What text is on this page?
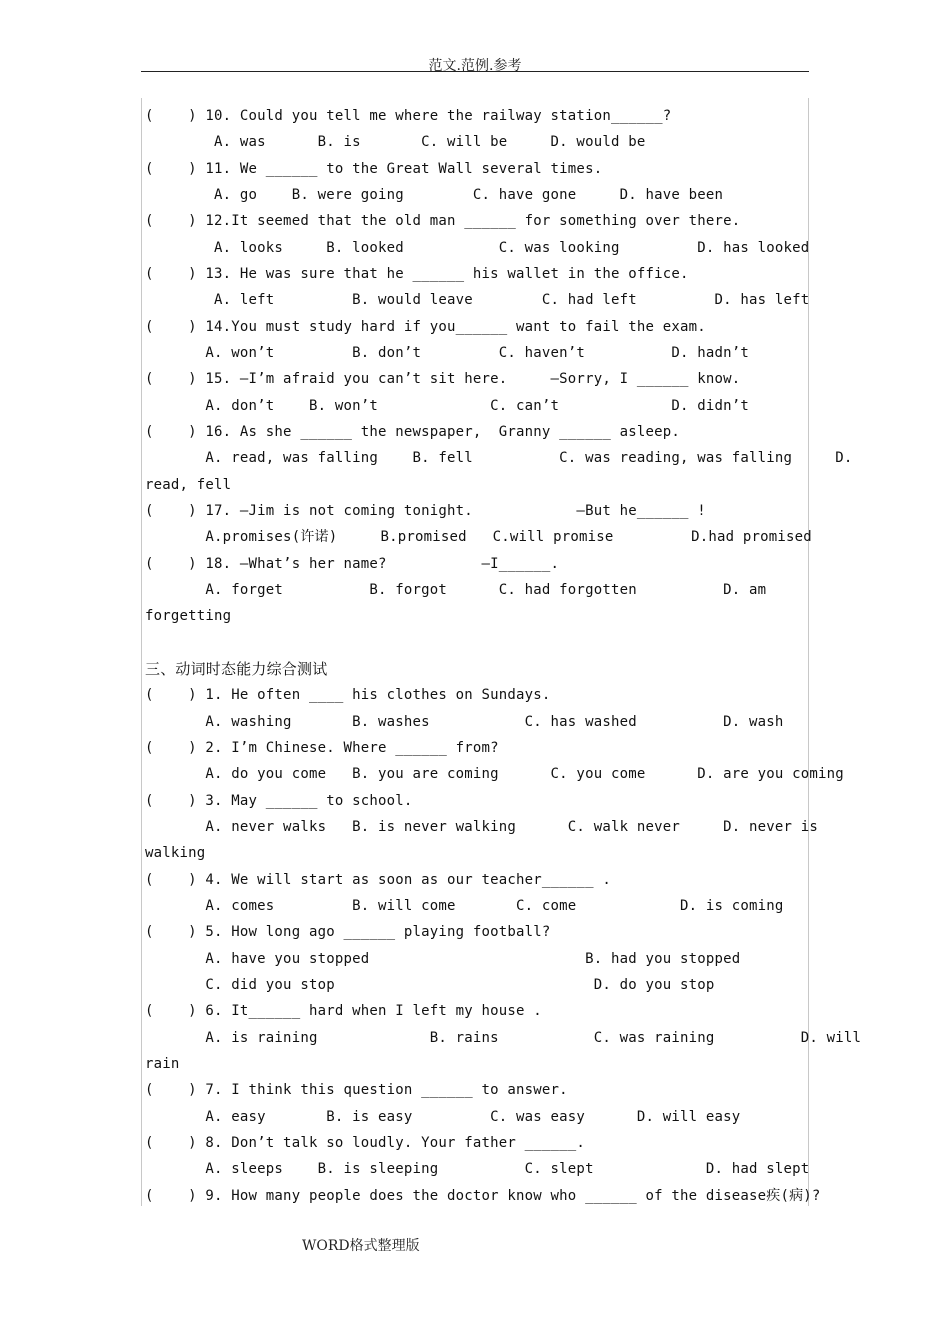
范文.范例.参考
(    ) 10. Could you tell me where the railway station______?
A. was      B. is       C. will be     D. would be
(    ) 11. We ______ to the Great Wall several times.
A. go    B. were going        C. have gone     D. have been
(    ) 12.It seemed that the old man ______ for something over there.
A. looks     B. looked           C. was looking         D. has looked
(    ) 13. He was sure that he ______ his wallet in the office.
A. left         B. would leave        C. had left         D. has left
(    ) 14.You must study hard if you______ want to fail the exam.
A. won’t         B. don’t         C. haven’t          D. hadn’t
(    ) 15. —I’m afraid you can’t sit here.     —Sorry, I ______ know.
A. don’t    B. won’t             C. can’t             D. didn’t
(    ) 16. As she ______ the newspaper,  Granny ______ asleep.
A. read, was falling    B. fell          C. was reading, was falling     D.
read, fell
(    ) 17. —Jim is not coming tonight.            —But he______ !
A.promises(许诺)     B.promised   C.will promise         D.had promised
(    ) 18. —What’s her name?           —I______.
A. forget          B. forgot      C. had forgotten          D. am
forgetting
三、动词时态能力综合测试
(    ) 1. He often ____ his clothes on Sundays.
A. washing       B. washes           C. has washed          D. wash
(    ) 2. I’m Chinese. Where ______ from?
A. do you come   B. you are coming      C. you come      D. are you coming
(    ) 3. May ______ to school.
A. never walks   B. is never walking      C. walk never     D. never is
walking
(    ) 4. We will start as soon as our teacher______ .
A. comes         B. will come       C. come            D. is coming
(    ) 5. How long ago ______ playing football?
A. have you stopped                         B. had you stopped
C. did you stop                              D. do you stop
(    ) 6. It______ hard when I left my house .
A. is raining             B. rains           C. was raining          D. will
rain
(    ) 7. I think this question ______ to answer.
A. easy       B. is easy         C. was easy      D. will easy
(    ) 8. Don’t talk so loudly. Your father ______.
A. sleeps    B. is sleeping          C. slept             D. had slept
(    ) 9. How many people does the doctor know who ______ of the disease疾(病)?
WORD格式整理版
